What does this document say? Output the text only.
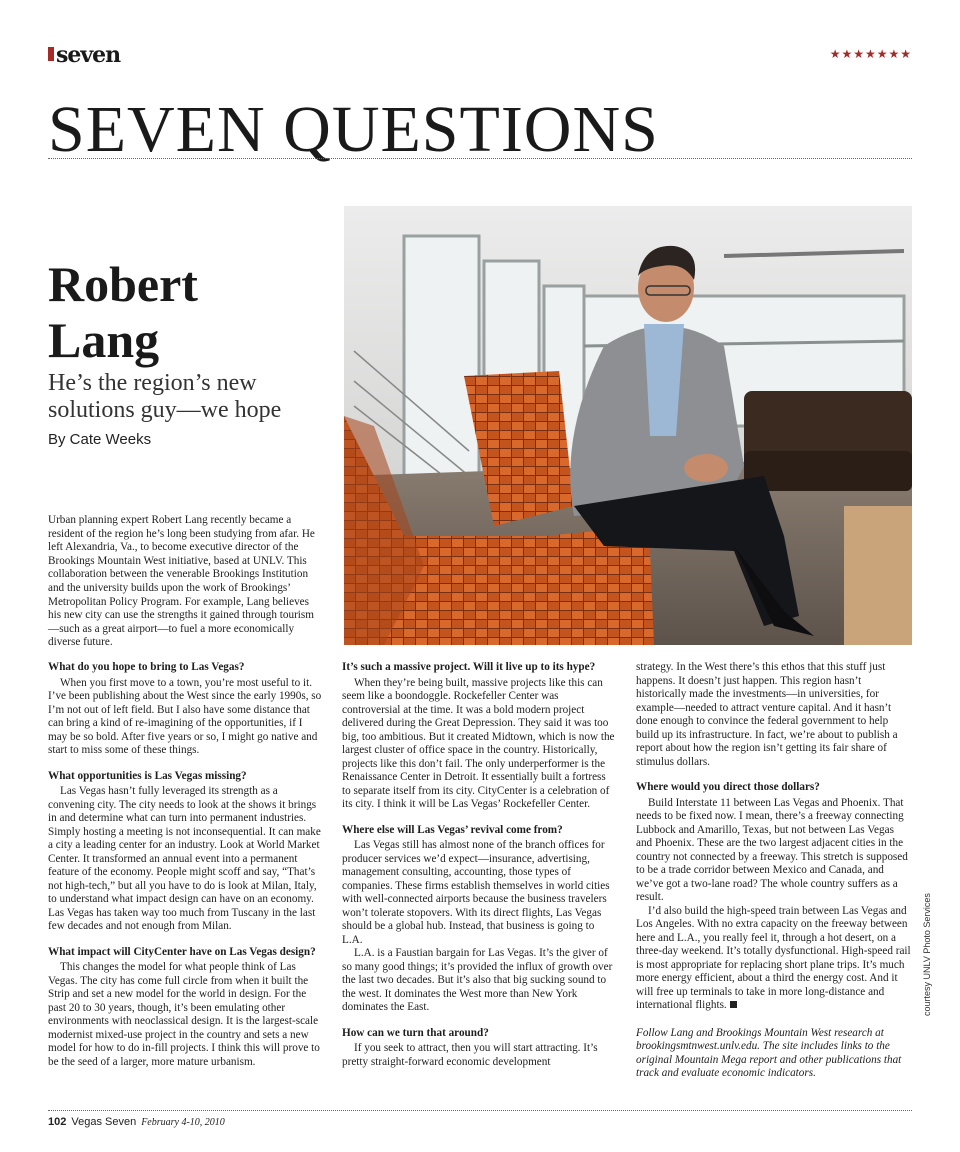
seven	★★★★★★★
SEVEN QUESTIONS
Robert
Lang
He’s the region’s new
solutions guy—we hope
By Cate Weeks
Urban planning expert Robert Lang recently became a resident of the region he’s long been studying from afar. He left Alexandria, Va., to become executive director of the Brookings Mountain West initiative, based at UNLV. This collaboration between the venerable Brookings Institution and the university builds upon the work of Brookings’ Metropolitan Policy Program. For example, Lang believes his new city can use the strengths it gained through tourism—such as a great airport—to fuel a more economically diverse future.
What do you hope to bring to Las Vegas?

When you first move to a town, you’re most useful to it. I’ve been publishing about the West since the early 1990s, so I’m not out of left field. But I also have some distance that can bring a kind of re-imagining of the opportunities, if I may be so bold. After five years or so, I might go native and start to miss some of these things.

What opportunities is Las Vegas missing?

Las Vegas hasn’t fully leveraged its strength as a convening city. The city needs to look at the shows it brings in and determine what can turn into permanent industries. Simply hosting a meeting is not inconsequential. It can make a city a leading center for an industry. Look at World Market Center. It transformed an annual event into a permanent feature of the economy. People might scoff and say, “That’s not high-tech,” but all you have to do is look at Milan, Italy, to understand what impact design can have on an economy. Las Vegas has taken way too much from Tuscany in the last few decades and not enough from Milan.

What impact will CityCenter have on Las Vegas design?

This changes the model for what people think of Las Vegas. The city has come full circle from when it built the Strip and set a new model for the world in design. For the past 20 to 30 years, though, it’s been emulating other environments with neoclassical design. It is the largest-scale modernist mixed-use project in the country and sets a new model for how to do in-fill projects. I think this will prove to be the seed of a larger, more mature urbanism.

It’s such a massive project. Will it live up to its hype?

When they’re being built, massive projects like this can seem like a boondoggle. Rockefeller Center was controversial at the time. It was a bold modern project delivered during the Great Depression. They said it was too big, too ambitious. But it created Midtown, which is now the largest cluster of office space in the country. Historically, projects like this don’t fail. The only underperformer is the Renaissance Center in Detroit. It essentially built a fortress to separate itself from its city. CityCenter is a celebration of its city. I think it will be Las Vegas’ Rockefeller Center.

Where else will Las Vegas’ revival come from?

Las Vegas still has almost none of the branch offices for producer services we’d expect—insurance, advertising, management consulting, accounting, those types of companies. These firms establish themselves in world cities with well-connected airports because the business travelers won’t tolerate stopovers. With its direct flights, Las Vegas should be a global hub. Instead, that business is going to L.A.

L.A. is a Faustian bargain for Las Vegas. It’s the giver of so many good things; it’s provided the influx of growth over the last two decades. But it’s also that big sucking sound to the west. It dominates the West more than New York dominates the East.

How can we turn that around?

If you seek to attract, then you will start attracting. It’s pretty straight-forward economic development

strategy. In the West there’s this ethos that this stuff just happens. It doesn’t just happen. This region hasn’t historically made the investments—in universities, for example—needed to attract venture capital. And it hasn’t done enough to convince the federal government to help build up its infrastructure. In fact, we’re about to publish a report about how the region isn’t getting its fair share of stimulus dollars.

Where would you direct those dollars?

Build Interstate 11 between Las Vegas and Phoenix. That needs to be fixed now. I mean, there’s a freeway connecting Lubbock and Amarillo, Texas, but not between Las Vegas and Phoenix. These are the two largest adjacent cities in the country not connected by a freeway. This stretch is supposed to be a trade corridor between Mexico and Canada, and we’ve got a two-lane road? The whole country suffers as a result.

I’d also build the high-speed train between Las Vegas and Los Angeles. With no extra capacity on the freeway between here and L.A., you really feel it, through a hot desert, on a three-day weekend. It’s totally dysfunctional. High-speed rail is most appropriate for replacing short plane trips. It’s much more energy efficient, about a third the energy cost. And it will free up terminals to take in more long-distance and international flights.

Follow Lang and Brookings Mountain West research at brookingsmtnwest.unlv.edu. The site includes links to the original Mountain Mega report and other publications that track and evaluate economic indicators.

courtesy UNLV Photo Services
102 Vegas Seven February 4-10, 2010
